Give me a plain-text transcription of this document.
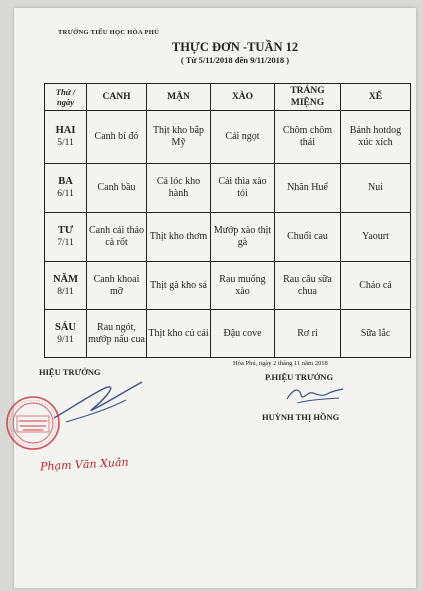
TRƯỜNG TIỂU HỌC HÒA PHÚ
THỰC ĐƠN -TUẦN 12
( Từ 5/11/2018 đến 9/11/2018 )
Thứ /
ngày	CANH	MẶN	XÀO	TRÁNG MIỆNG	XẾ
HAI
5/11	Canh bí đỏ	Thịt kho bắp Mỹ	Cải ngọt	Chôm chôm thái	Bánh hotdog xúc xích
BA
6/11	Canh bầu	Cá lóc kho hành	Cải thìa xào tỏi	Nhãn Huế	Nui
TƯ
7/11	Canh cải thảo cà rốt	Thịt kho thơm	Mướp xào thịt gà	Chuối cau	Yaourt
NĂM
8/11	Canh khoai mỡ	Thịt gà kho sả	Rau muống xào	Rau câu sữa chua	Cháo cá
SÁU
9/11	Rau ngót, mướp nấu cua	Thịt kho củ cải	Đậu cove	Rơ ri	Sữa lắc
Hòa Phú, ngày 2 tháng 11 năm 2018
HIỆU TRƯỞNG	P.HIỆU TRƯỞNG
HUỲNH THỊ HỒNG
Phạm Văn Xuân
